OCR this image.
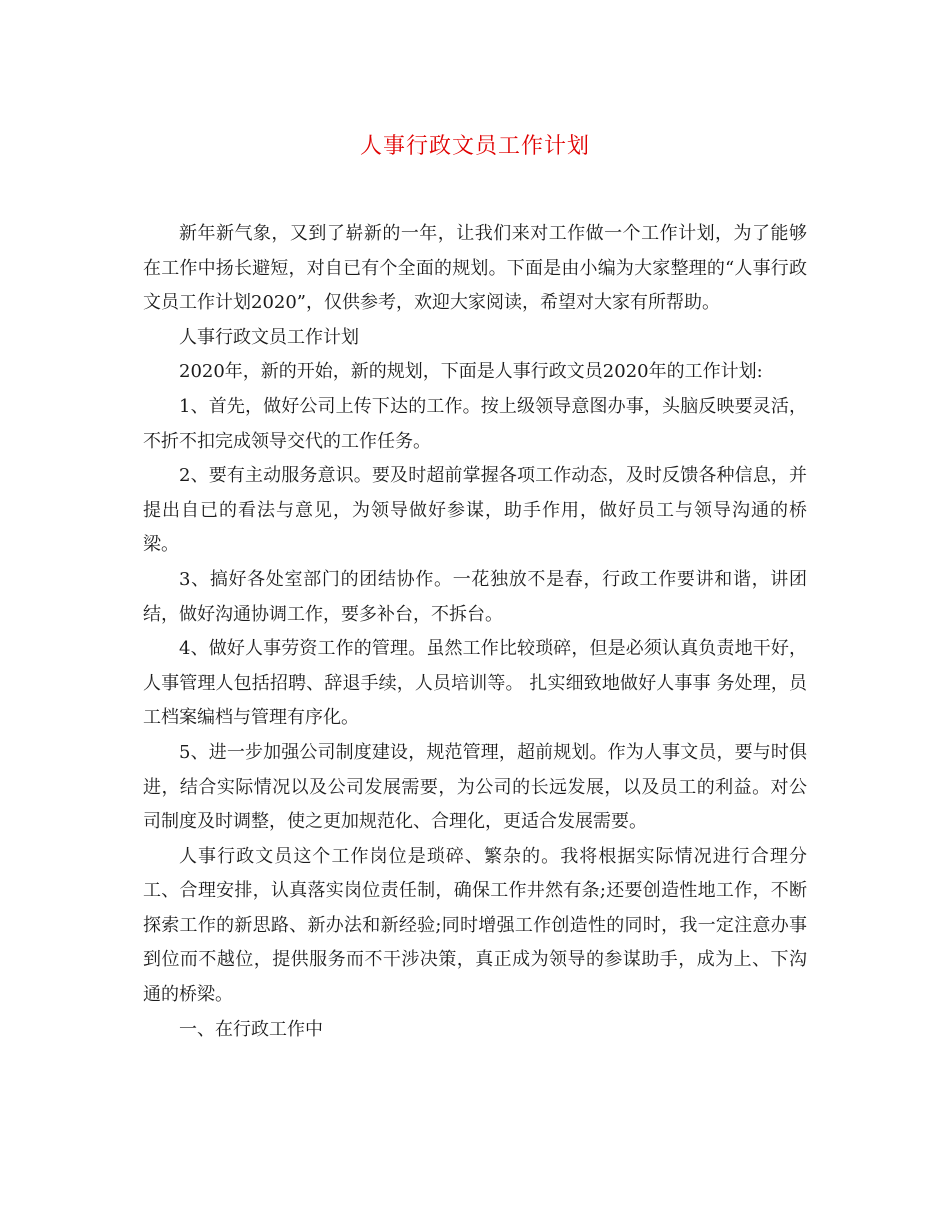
人事行政文员工作计划

新年新气象，又到了崭新的一年，让我们来对工作做一个工作计划，为了能够在工作中扬长避短，对自已有个全面的规划。下面是由小编为大家整理的“人事行政文员工作计划2020”，仅供参考，欢迎大家阅读，希望对大家有所帮助。

人事行政文员工作计划

2020年，新的开始，新的规划，下面是人事行政文员2020年的工作计划:

1、首先，做好公司上传下达的工作。按上级领导意图办事，头脑反映要灵活，不折不扣完成领导交代的工作任务。

2、要有主动服务意识。要及时超前掌握各项工作动态，及时反馈各种信息，并提出自已的看法与意见，为领导做好参谋，助手作用，做好员工与领导沟通的桥梁。

3、搞好各处室部门的团结协作。一花独放不是春，行政工作要讲和谐，讲团结，做好沟通协调工作，要多补台，不拆台。

4、做好人事劳资工作的管理。虽然工作比较琐碎，但是必须认真负责地干好，人事管理人包括招聘、辞退手续，人员培训等。 扎实细致地做好人事事 务处理，员工档案编档与管理有序化。

5、进一步加强公司制度建设，规范管理，超前规划。作为人事文员，要与时俱进，结合实际情况以及公司发展需要，为公司的长远发展，以及员工的利益。对公司制度及时调整，使之更加规范化、合理化，更适合发展需要。

人事行政文员这个工作岗位是琐碎、繁杂的。我将根据实际情况进行合理分工、合理安排，认真落实岗位责任制，确保工作井然有条;还要创造性地工作，不断探索工作的新思路、新办法和新经验;同时增强工作创造性的同时，我一定注意办事到位而不越位，提供服务而不干涉决策，真正成为领导的参谋助手，成为上、下沟通的桥梁。

一、在行政工作中
